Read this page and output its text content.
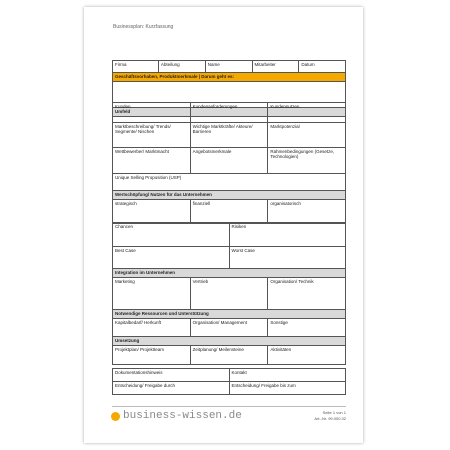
Businessplan: Kurzfassung
Firma	Abteilung	Name	Mitarbeiter	Datum
Geschäftsvorhaben, Produktmerkmale | Darum geht es:

Umfeld
Kunden	Kundenanforderungen	Kundennutzen
Marktbeschreibung/ Trends/ Segmente/ Nischen	Wichtige Marktkräfte/ Akteure/ Barrieren	Marktpotenzial
Wettbewerber/ Marktmacht	Angebotsmerkmale	Rahmenbedingungen (Gesetze, Technologien)
Unique Selling Proposition (USP)		
Wertschöpfung/ Nutzen für das Unternehmen		
strategisch	finanziell	organisatorisch
Chancen	Risiken
Best Case	Worst Case
Integration im Unternehmen		
Marketing	Vertrieb	Organisation/ Technik
Notwendige Ressourcen und Unterstützung		
Kapitalbedarf/ Herkunft	Organisation/ Management	Sonstige
Umsetzung		
Projektplan/ Projektteam	Zeitplanung/ Meilensteine	Aktivitäten
Dokumentationshinweis	Kontakt
Entscheidung/ Freigabe durch	Entscheidung/ Freigabe bis zum
business-wissen.de	Seite 1 von 1
Art.-Nr. 99.000.32
